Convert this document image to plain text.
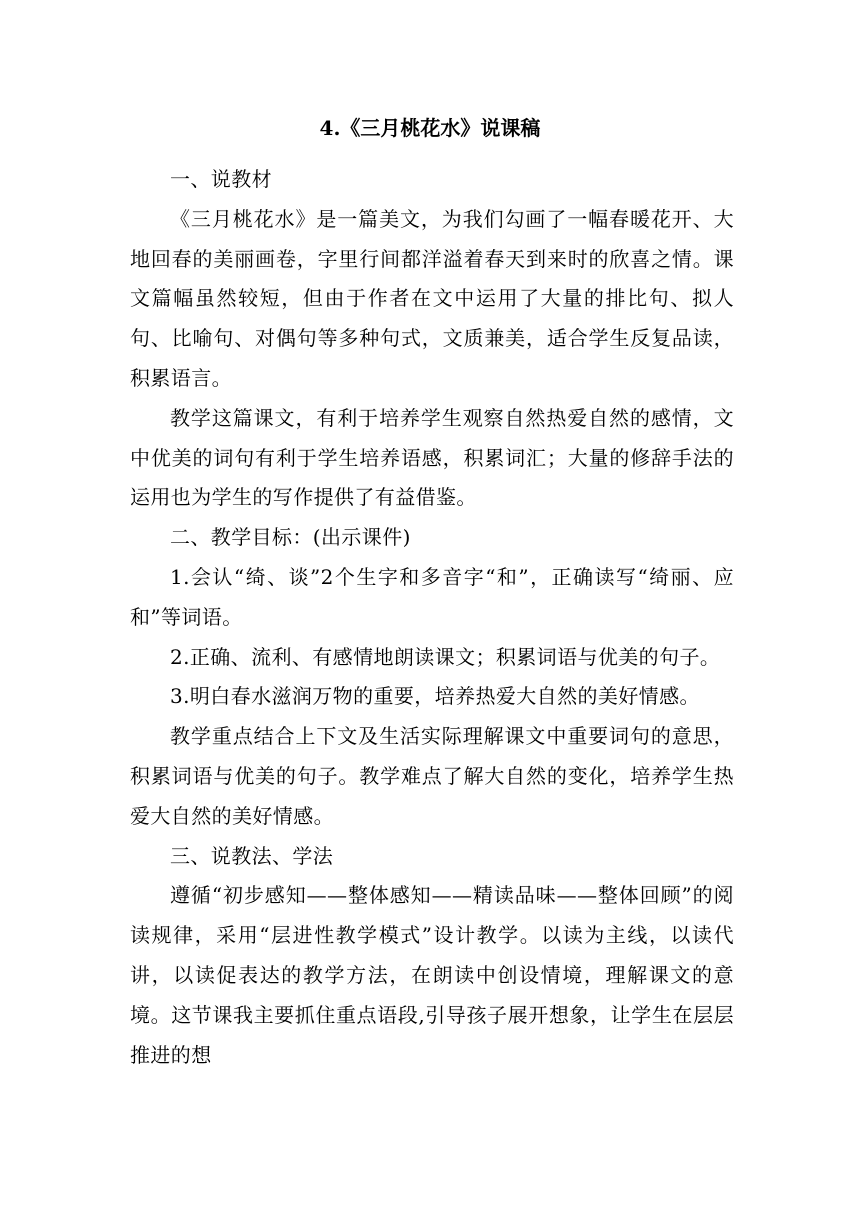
4.《三月桃花水》说课稿

一、说教材

《三月桃花水》是一篇美文，为我们勾画了一幅春暖花开、大地回春的美丽画卷，字里行间都洋溢着春天到来时的欣喜之情。课文篇幅虽然较短，但由于作者在文中运用了大量的排比句、拟人句、比喻句、对偶句等多种句式，文质兼美，适合学生反复品读，积累语言。

教学这篇课文，有利于培养学生观察自然热爱自然的感情，文中优美的词句有利于学生培养语感，积累词汇；大量的修辞手法的运用也为学生的写作提供了有益借鉴。

二、教学目标：(出示课件)

1.会认“绮、谈”2个生字和多音字“和”，正确读写“绮丽、应和”等词语。

2.正确、流利、有感情地朗读课文；积累词语与优美的句子。

3.明白春水滋润万物的重要，培养热爱大自然的美好情感。

教学重点结合上下文及生活实际理解课文中重要词句的意思，积累词语与优美的句子。教学难点了解大自然的变化，培养学生热爱大自然的美好情感。

三、说教法、学法

遵循“初步感知——整体感知——精读品味——整体回顾”的阅读规律，采用“层进性教学模式”设计教学。以读为主线，以读代讲，以读促表达的教学方法，在朗读中创设情境，理解课文的意境。这节课我主要抓住重点语段,引导孩子展开想象，让学生在层层推进的想
